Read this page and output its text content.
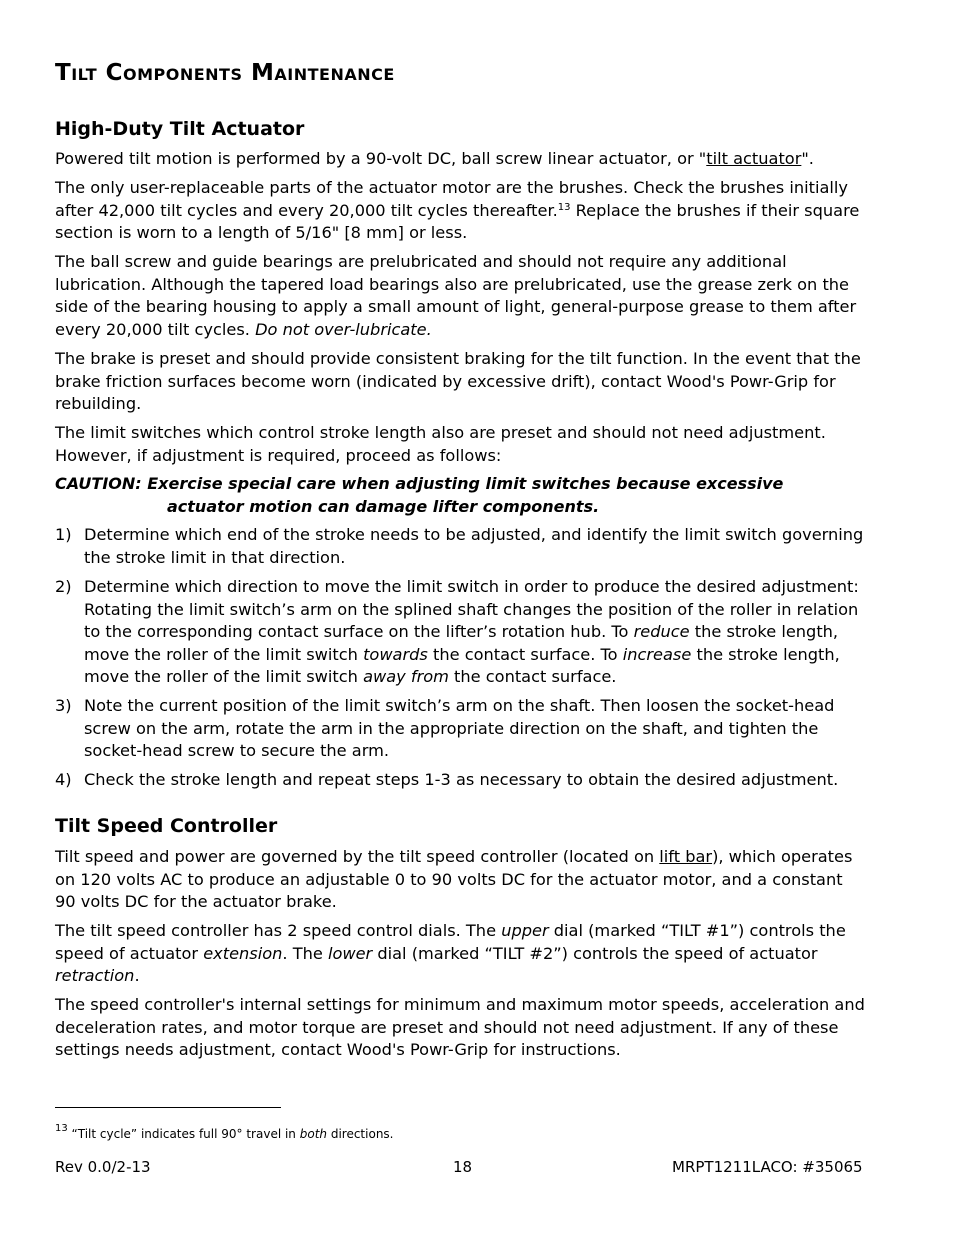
Tilt Components Maintenance
High-Duty Tilt Actuator

Powered tilt motion is performed by a 90-volt DC, ball screw linear actuator, or "tilt actuator".

The only user-replaceable parts of the actuator motor are the brushes. Check the brushes initially after 42,000 tilt cycles and every 20,000 tilt cycles thereafter.$^{13}$ Replace the brushes if their square section is worn to a length of 5/16" [8 mm] or less.

The ball screw and guide bearings are prelubricated and should not require any additional lubrication. Although the tapered load bearings also are prelubricated, use the grease zerk on the side of the bearing housing to apply a small amount of light, general-purpose grease to them after every 20,000 tilt cycles. Do not over-lubricate.

The brake is preset and should provide consistent braking for the tilt function. In the event that the brake friction surfaces become worn (indicated by excessive drift), contact Wood's Powr-Grip for rebuilding.

The limit switches which control stroke length also are preset and should not need adjustment. However, if adjustment is required, proceed as follows:

CAUTION: Exercise special care when adjusting limit switches because excessive
actuator motion can damage lifter components.

1) Determine which end of the stroke needs to be adjusted, and identify the limit switch governing the stroke limit in that direction.
2) Determine which direction to move the limit switch in order to produce the desired adjustment: Rotating the limit switch’s arm on the splined shaft changes the position of the roller in relation to the corresponding contact surface on the lifter’s rotation hub. To reduce the stroke length, move the roller of the limit switch towards the contact surface. To increase the stroke length, move the roller of the limit switch away from the contact surface.
3) Note the current position of the limit switch’s arm on the shaft. Then loosen the socket-head screw on the arm, rotate the arm in the appropriate direction on the shaft, and tighten the socket-head screw to secure the arm.
4) Check the stroke length and repeat steps 1-3 as necessary to obtain the desired adjustment.
Tilt Speed Controller

Tilt speed and power are governed by the tilt speed controller (located on lift bar), which operates on 120 volts AC to produce an adjustable 0 to 90 volts DC for the actuator motor, and a constant 90 volts DC for the actuator brake.

The tilt speed controller has 2 speed control dials. The upper dial (marked “TILT #1”) controls the speed of actuator extension. The lower dial (marked “TILT #2”) controls the speed of actuator retraction.

The speed controller's internal settings for minimum and maximum motor speeds, acceleration and deceleration rates, and motor torque are preset and should not need adjustment. If any of these settings needs adjustment, contact Wood's Powr-Grip for instructions.

$^{13}$ “Tilt cycle” indicates full 90° travel in both directions.
Rev 0.0/2-13	18	MRPT1211LACO: #35065
